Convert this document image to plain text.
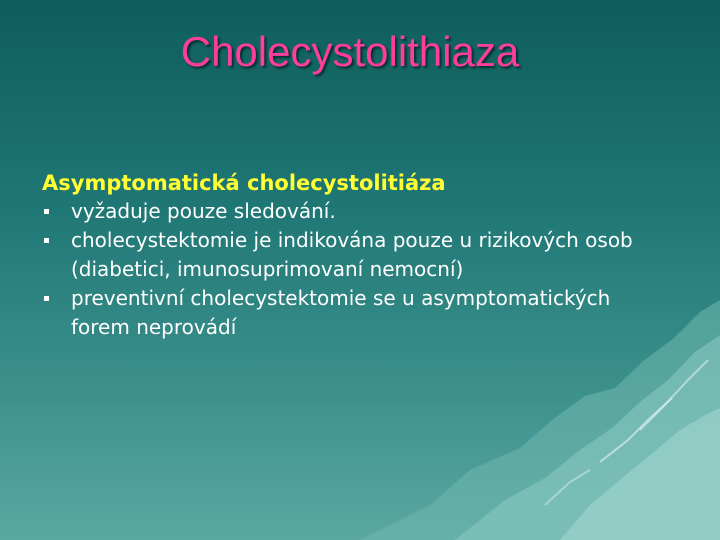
Cholecystolithiaza

Asymptomatická cholecystolitiáza

vyžaduje pouze sledování.
cholecystektomie je indikována pouze u rizikových osob (diabetici, imunosuprimovaní nemocní)
preventivní cholecystektomie se u asymptomatických forem neprovádí
